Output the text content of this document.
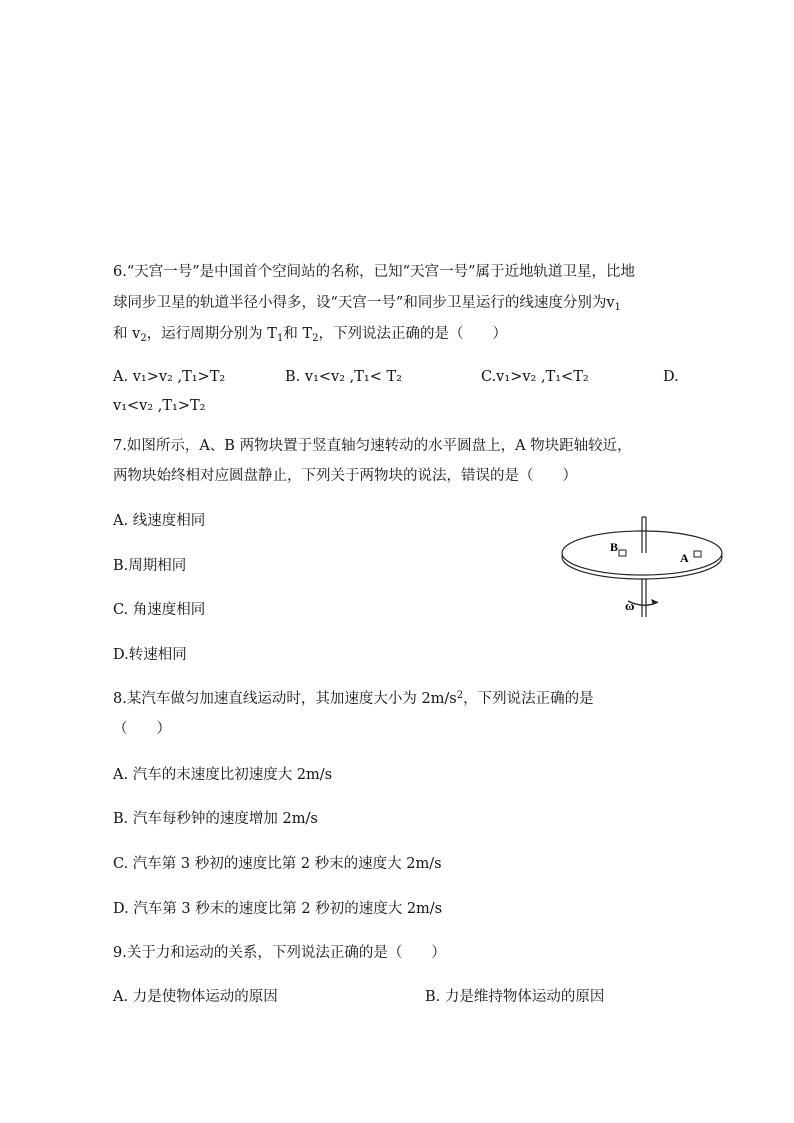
6.“天宫一号”是中国首个空间站的名称，已知“天宫一号”属于近地轨道卫星，比地
球同步卫星的轨道半径小得多，设“天宫一号”和同步卫星运行的线速度分别为$v_1$
和 $v_2$，运行周期分别为 $T_1$和 $T_2$，下列说法正确的是（　　）
A. v₁>v₂ ,T₁>T₂	B. v₁<v₂ ,T₁< T₂	C.v₁>v₂ ,T₁<T₂	D.
v₁<v₂ ,T₁>T₂
7.如图所示，A、B 两物块置于竖直轴匀速转动的水平圆盘上，A 物块距轴较近，
两物块始终相对应圆盘静止，下列关于两物块的说法，错误的是（　　）
A. 线速度相同
B.周期相同
C. 角速度相同
D.转速相同
B
A
ω
8.某汽车做匀加速直线运动时，其加速度大小为 $2m/s^2$，下列说法正确的是
（　　）
A. 汽车的末速度比初速度大 2m/s
B. 汽车每秒钟的速度增加 2m/s
C. 汽车第 3 秒初的速度比第 2 秒末的速度大 2m/s
D. 汽车第 3 秒末的速度比第 2 秒初的速度大 2m/s
9.关于力和运动的关系，下列说法正确的是（　　）
A. 力是使物体运动的原因	B. 力是维持物体运动的原因
